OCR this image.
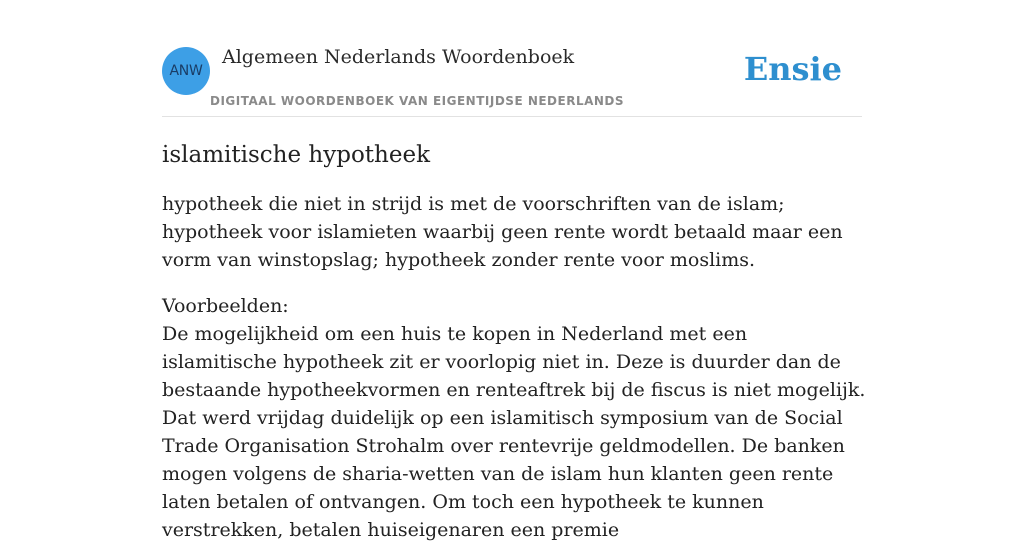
ANW
Algemeen Nederlands Woordenboek
DIGITAAL WOORDENBOEK VAN EIGENTIJDSE NEDERLANDS
Ensie
islamitische hypotheek

hypotheek die niet in strijd is met de voorschriften van de islam; hypotheek voor islamieten waarbij geen rente wordt betaald maar een vorm van winstopslag; hypotheek zonder rente voor moslims.

Voorbeelden:
De mogelijkheid om een huis te kopen in Nederland met een islamitische hypotheek zit er voorlopig niet in. Deze is duurder dan de bestaande hypotheekvormen en renteaftrek bij de fiscus is niet mogelijk. Dat werd vrijdag duidelijk op een islamitisch symposium van de Social Trade Organisation Strohalm over rentevrije geldmodellen. De banken mogen volgens de sharia-wetten van de islam hun klanten geen rente laten betalen of ontvangen. Om toch een hypotheek te kunnen verstrekken, betalen huiseigenaren een premie
